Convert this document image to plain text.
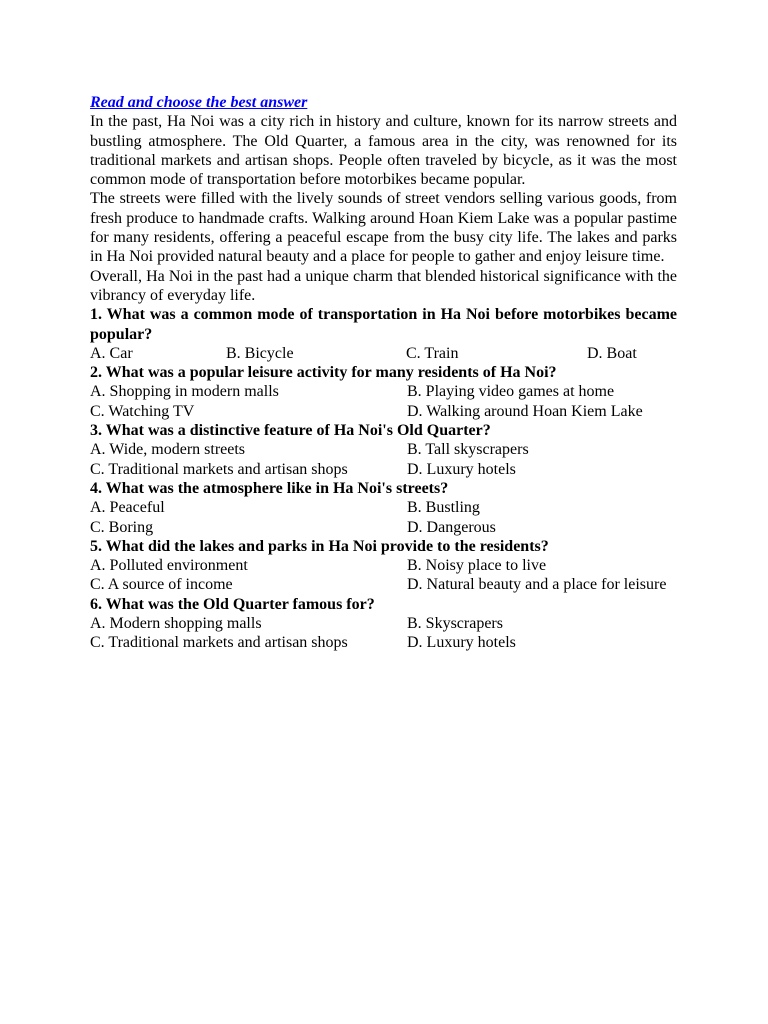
Read and choose the best answer

In the past, Ha Noi was a city rich in history and culture, known for its narrow streets and bustling atmosphere. The Old Quarter, a famous area in the city, was renowned for its traditional markets and artisan shops. People often traveled by bicycle, as it was the most common mode of transportation before motorbikes became popular.

The streets were filled with the lively sounds of street vendors selling various goods, from fresh produce to handmade crafts. Walking around Hoan Kiem Lake was a popular pastime for many residents, offering a peaceful escape from the busy city life. The lakes and parks in Ha Noi provided natural beauty and a place for people to gather and enjoy leisure time.

Overall, Ha Noi in the past had a unique charm that blended historical significance with the vibrancy of everyday life.

1. What was a common mode of transportation in Ha Noi before motorbikes became popular?

A. Car	B. Bicycle	C. Train	D. Boat

2. What was a popular leisure activity for many residents of Ha Noi?

A. Shopping in modern malls	B. Playing video games at home
C. Watching TV	D. Walking around Hoan Kiem Lake

3. What was a distinctive feature of Ha Noi's Old Quarter?

A. Wide, modern streets	B. Tall skyscrapers
C. Traditional markets and artisan shops	D. Luxury hotels

4. What was the atmosphere like in Ha Noi's streets?

A. Peaceful	B. Bustling
C. Boring	D. Dangerous

5. What did the lakes and parks in Ha Noi provide to the residents?

A. Polluted environment	B. Noisy place to live
C. A source of income	D. Natural beauty and a place for leisure

6. What was the Old Quarter famous for?

A. Modern shopping malls	B. Skyscrapers
C. Traditional markets and artisan shops	D. Luxury hotels
